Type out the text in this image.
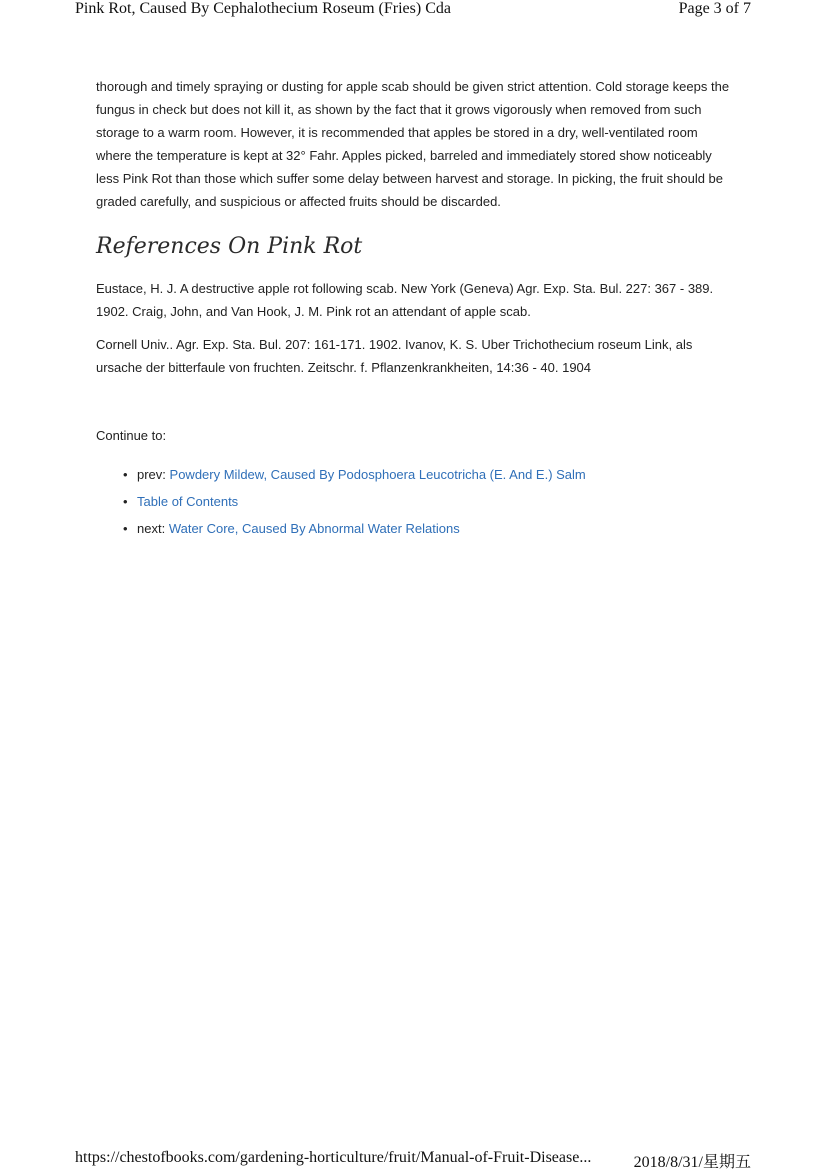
Pink Rot, Caused By Cephalothecium Roseum (Fries) Cda	Page 3 of 7

thorough and timely spraying or dusting for apple scab should be given strict attention. Cold storage keeps the fungus in check but does not kill it, as shown by the fact that it grows vigorously when removed from such storage to a warm room. However, it is recommended that apples be stored in a dry, well-ventilated room where the temperature is kept at 32° Fahr. Apples picked, barreled and immediately stored show noticeably less Pink Rot than those which suffer some delay between harvest and storage. In picking, the fruit should be graded carefully, and suspicious or affected fruits should be discarded.

References On Pink Rot

Eustace, H. J. A destructive apple rot following scab. New York (Geneva) Agr. Exp. Sta. Bul. 227: 367 - 389. 1902. Craig, John, and Van Hook, J. M. Pink rot an attendant of apple scab.

Cornell Univ.. Agr. Exp. Sta. Bul. 207: 161-171. 1902. Ivanov, K. S. Uber Trichothecium roseum Link, als ursache der bitterfaule von fruchten. Zeitschr. f. Pflanzenkrankheiten, 14:36 - 40. 1904

Continue to:

• prev: Powdery Mildew, Caused By Podosphoera Leucotricha (E. And E.) Salm
• Table of Contents
• next: Water Core, Caused By Abnormal Water Relations
https://chestofbooks.com/gardening-horticulture/fruit/Manual-of-Fruit-Disease...	2018/8/31/星期五
